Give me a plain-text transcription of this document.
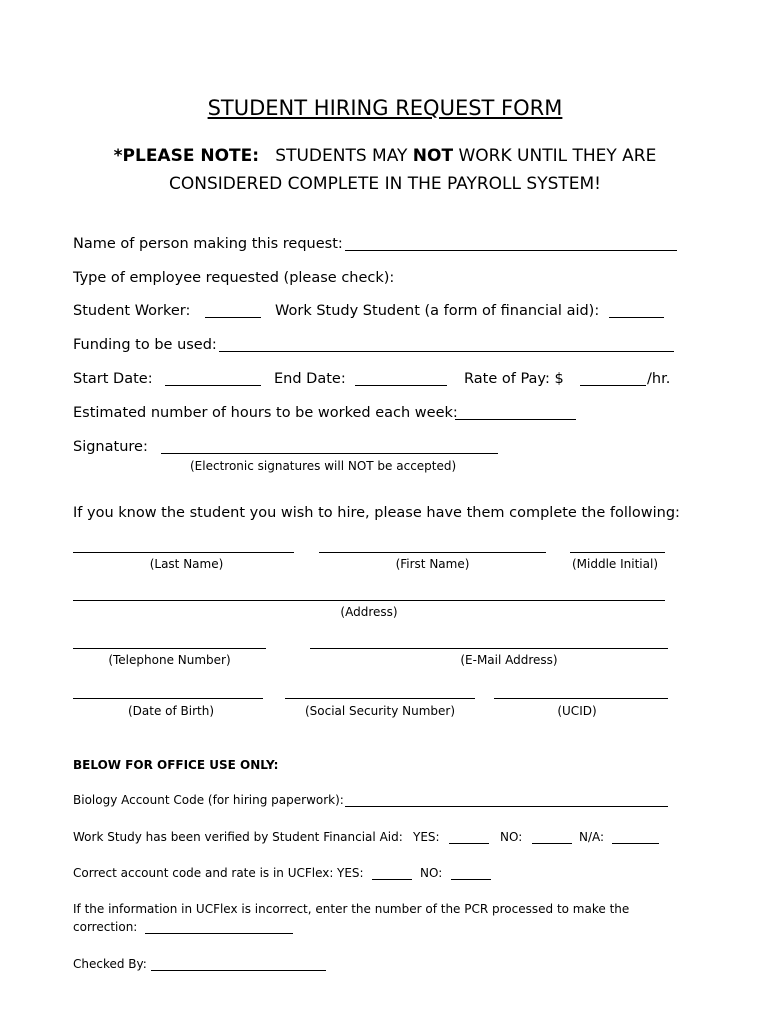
STUDENT HIRING REQUEST FORM
*PLEASE NOTE: STUDENTS MAY NOT WORK UNTIL THEY ARE
CONSIDERED COMPLETE IN THE PAYROLL SYSTEM!
Name of person making this request:
Type of employee requested (please check):
Student Worker:	Work Study Student (a form of financial aid):
Funding to be used:
Start Date:	End Date:	Rate of Pay: $	/hr.
Estimated number of hours to be worked each week:
Signature:
(Electronic signatures will NOT be accepted)
If you know the student you wish to hire, please have them complete the following:
(Last Name)	(First Name)	(Middle Initial)
(Address)
(Telephone Number)	(E-Mail Address)
(Date of Birth)	(Social Security Number)	(UCID)
BELOW FOR OFFICE USE ONLY:
Biology Account Code (for hiring paperwork):
Work Study has been verified by Student Financial Aid: YES:	NO:	N/A:
Correct account code and rate is in UCFlex: YES:	NO:
If the information in UCFlex is incorrect, enter the number of the PCR processed to make the
correction:
Checked By:
